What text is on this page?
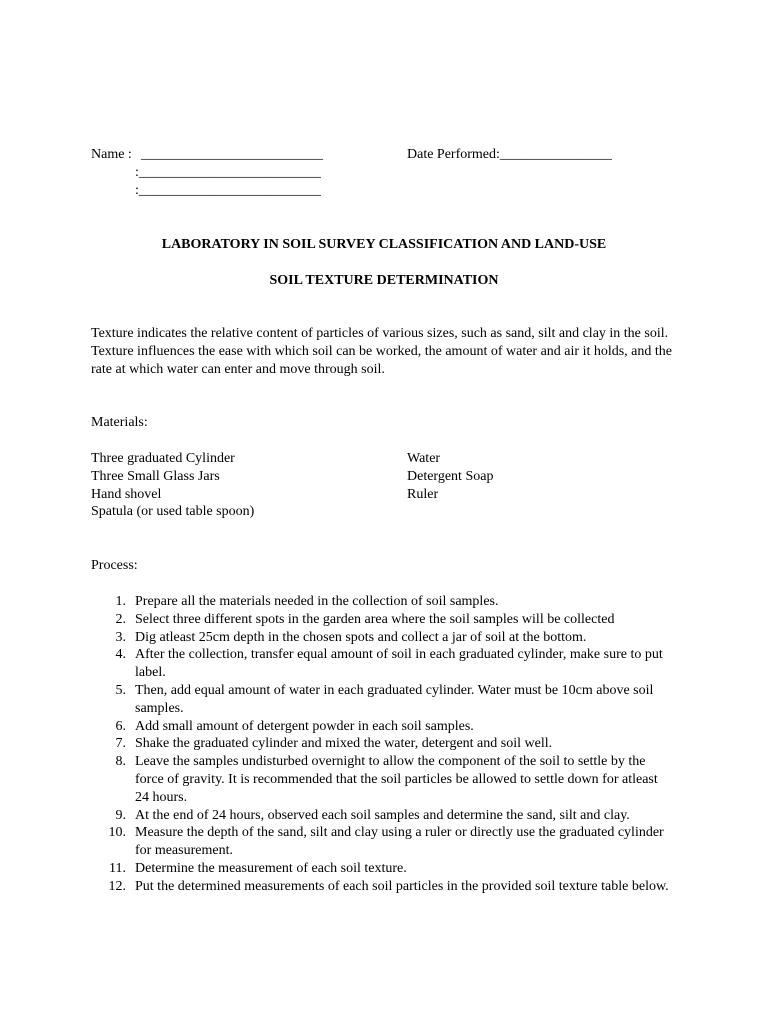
Name : __________________________
:__________________________
:__________________________
Date Performed:________________
LABORATORY IN SOIL SURVEY CLASSIFICATION AND LAND-USE
SOIL TEXTURE DETERMINATION

Texture indicates the relative content of particles of various sizes, such as sand, silt and clay in the soil. Texture influences the ease with which soil can be worked, the amount of water and air it holds, and the rate at which water can enter and move through soil.

Materials:
Three graduated Cylinder
Three Small Glass Jars
Hand shovel
Spatula (or used table spoon)
Water
Detergent Soap
Ruler
Process:
1. Prepare all the materials needed in the collection of soil samples.
2. Select three different spots in the garden area where the soil samples will be collected
3. Dig atleast 25cm depth in the chosen spots and collect a jar of soil at the bottom.
4. After the collection, transfer equal amount of soil in each graduated cylinder, make sure to put label.
5. Then, add equal amount of water in each graduated cylinder. Water must be 10cm above soil samples.
6. Add small amount of detergent powder in each soil samples.
7. Shake the graduated cylinder and mixed the water, detergent and soil well.
8. Leave the samples undisturbed overnight to allow the component of the soil to settle by the force of gravity. It is recommended that the soil particles be allowed to settle down for atleast 24 hours.
9. At the end of 24 hours, observed each soil samples and determine the sand, silt and clay.
10. Measure the depth of the sand, silt and clay using a ruler or directly use the graduated cylinder for measurement.
11. Determine the measurement of each soil texture.
12. Put the determined measurements of each soil particles in the provided soil texture table below.
